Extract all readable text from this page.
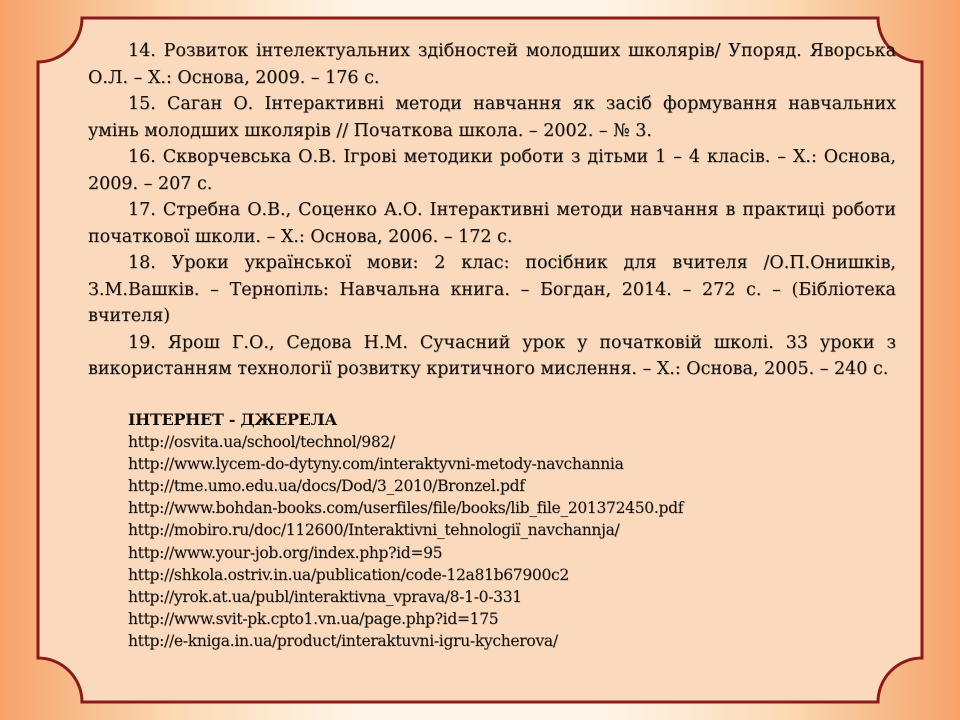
14. Розвиток інтелектуальних здібностей молодших школярів/ Упоряд. Яворська О.Л. – Х.: Основа, 2009. – 176 с.
15. Саган О. Інтерактивні методи навчання як засіб формування навчальних умінь молодших школярів // Початкова школа. – 2002. – № 3.
16. Скворчевська О.В. Ігрові методики роботи з дітьми 1 – 4 класів. – Х.: Основа, 2009. – 207 с.
17. Стребна О.В., Соценко А.О. Інтерактивні методи навчання в практиці роботи початкової школи. – Х.: Основа, 2006. – 172 с.
18. Уроки української мови: 2 клас: посібник для вчителя /О.П.Онишків, З.М.Вашків. – Тернопіль: Навчальна книга. – Богдан, 2014. – 272 с. – (Бібліотека вчителя)
19. Ярош Г.О., Седова Н.М. Сучасний урок у початковій школі. 33 уроки з використанням технології розвитку критичного мислення. – Х.: Основа, 2005. – 240 с.
ІНТЕРНЕТ - ДЖЕРЕЛА
http://osvita.ua/school/technol/982/
http://www.lycem-do-dytyny.com/interaktyvni-metody-navchannia
http://tme.umo.edu.ua/docs/Dod/3_2010/Bronzel.pdf
http://www.bohdan-books.com/userfiles/file/books/lib_file_201372450.pdf
http://mobiro.ru/doc/112600/Interaktivni_tehnologiï_navchannja/
http://www.your-job.org/index.php?id=95
http://shkola.ostriv.in.ua/publication/code-12a81b67900c2
http://yrok.at.ua/publ/interaktivna_vprava/8-1-0-331
http://www.svit-pk.cpto1.vn.ua/page.php?id=175
http://e-kniga.in.ua/product/interaktuvni-igru-kycherova/
